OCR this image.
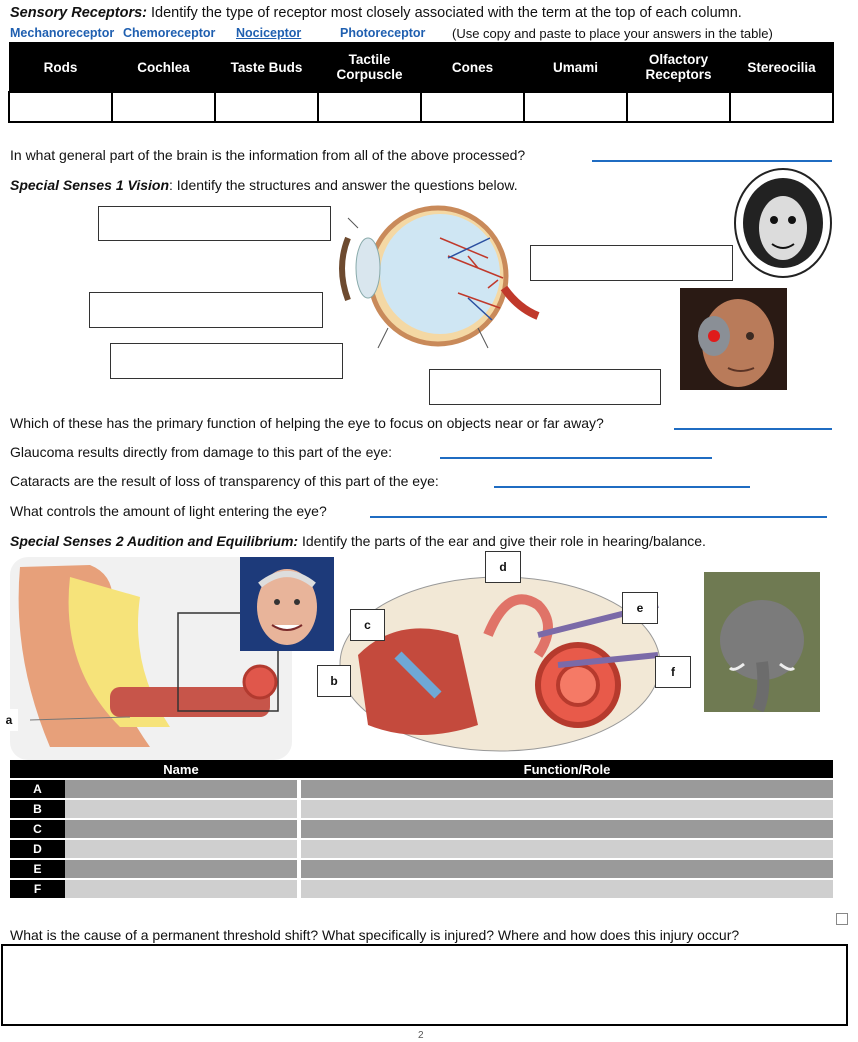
Sensory Receptors: Identify the type of receptor most closely associated with the term at the top of each column.
Mechanoreceptor Chemoreceptor Nociceptor	Photoreceptor (Use copy and paste to place your answers in the table)
Rods	Cochlea	Taste Buds	Tactile Corpuscle	Cones	Umami	Olfactory Receptors	Stereocilia

In what general part of the brain is the information from all of the above processed?
Special Senses 1 Vision: Identify the structures and answer the questions below.
Which of these has the primary function of helping the eye to focus on objects near or far away?
Glaucoma results directly from damage to this part of the eye:
Cataracts are the result of loss of transparency of this part of the eye:
What controls the amount of light entering the eye?
Special Senses 2 Audition and Equilibrium: Identify the parts of the ear and give their role in hearing/balance.
a
b
c
d
e
f
	Name		Function/Role
A			
B			
C			
D			
E			
F			
What is the cause of a permanent threshold shift? What specifically is injured? Where and how does this injury occur?
2
